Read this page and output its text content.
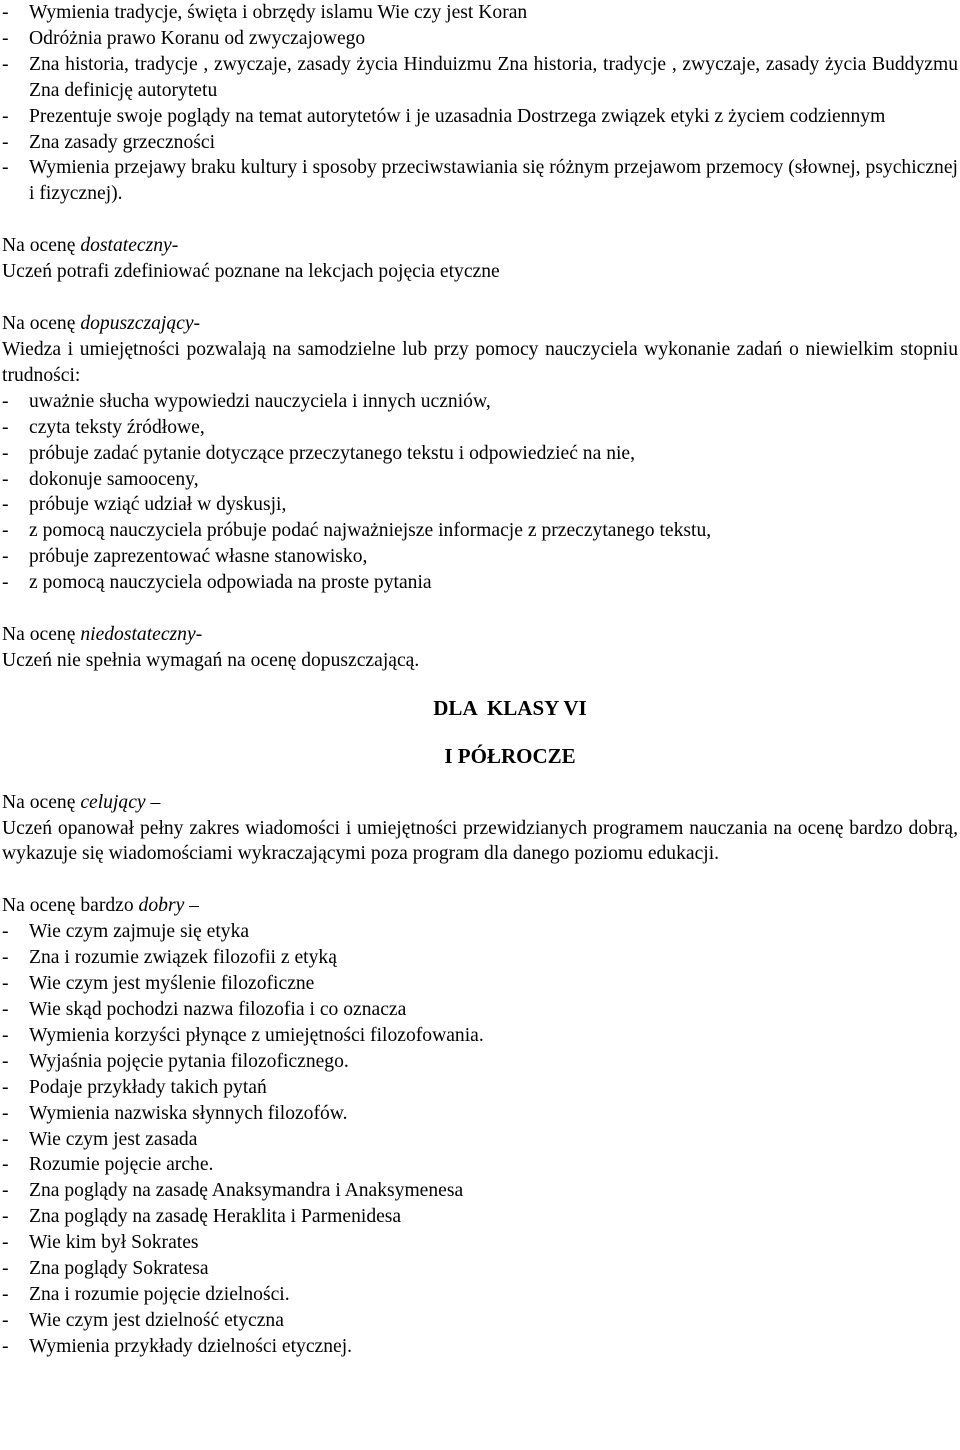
-	Wymienia tradycje, święta i obrzędy islamu Wie czy jest Koran
-	Odróżnia prawo Koranu od zwyczajowego
-	Zna historia, tradycje , zwyczaje, zasady życia Hinduizmu Zna historia, tradycje , zwyczaje, zasady życia Buddyzmu Zna definicję autorytetu
-	Prezentuje swoje poglądy na temat autorytetów i je uzasadnia Dostrzega związek etyki z życiem codziennym
-	Zna zasady grzeczności
-	Wymienia przejawy braku kultury i sposoby przeciwstawiania się różnym przejawom przemocy (słownej, psychicznej i fizycznej).

Na ocenę dostateczny-

Uczeń potrafi zdefiniować poznane na lekcjach pojęcia etyczne

Na ocenę dopuszczający-

Wiedza i umiejętności pozwalają na samodzielne lub przy pomocy nauczyciela wykonanie zadań o niewielkim stopniu trudności:

-	uważnie słucha wypowiedzi nauczyciela i innych uczniów,
-	czyta teksty źródłowe,
-	próbuje zadać pytanie dotyczące przeczytanego tekstu i odpowiedzieć na nie,
-	dokonuje samooceny,
-	próbuje wziąć udział w dyskusji,
-	z pomocą nauczyciela próbuje podać najważniejsze informacje z przeczytanego tekstu,
-	próbuje zaprezentować własne stanowisko,
-	z pomocą nauczyciela odpowiada na proste pytania

Na ocenę niedostateczny-

Uczeń nie spełnia wymagań na ocenę dopuszczającą.

DLA  KLASY VI

I PÓŁROCZE

Na ocenę celujący –

Uczeń opanował pełny zakres wiadomości i umiejętności przewidzianych programem nauczania na ocenę bardzo dobrą, wykazuje się wiadomościami wykraczającymi poza program dla danego poziomu edukacji.

Na ocenę bardzo dobry –

-	Wie czym zajmuje się etyka
-	Zna i rozumie związek filozofii z etyką
-	Wie czym jest myślenie filozoficzne
-	Wie skąd pochodzi nazwa filozofia i co oznacza
-	Wymienia korzyści płynące z umiejętności filozofowania.
-	Wyjaśnia pojęcie pytania filozoficznego.
-	Podaje przykłady takich pytań
-	Wymienia nazwiska słynnych filozofów.
-	Wie czym jest zasada
-	Rozumie pojęcie arche.
-	Zna poglądy na zasadę Anaksymandra i Anaksymenesa
-	Zna poglądy na zasadę Heraklita i Parmenidesa
-	Wie kim był Sokrates
-	Zna poglądy Sokratesa
-	Zna i rozumie pojęcie dzielności.
-	Wie czym jest dzielność etyczna
-	Wymienia przykłady dzielności etycznej.
